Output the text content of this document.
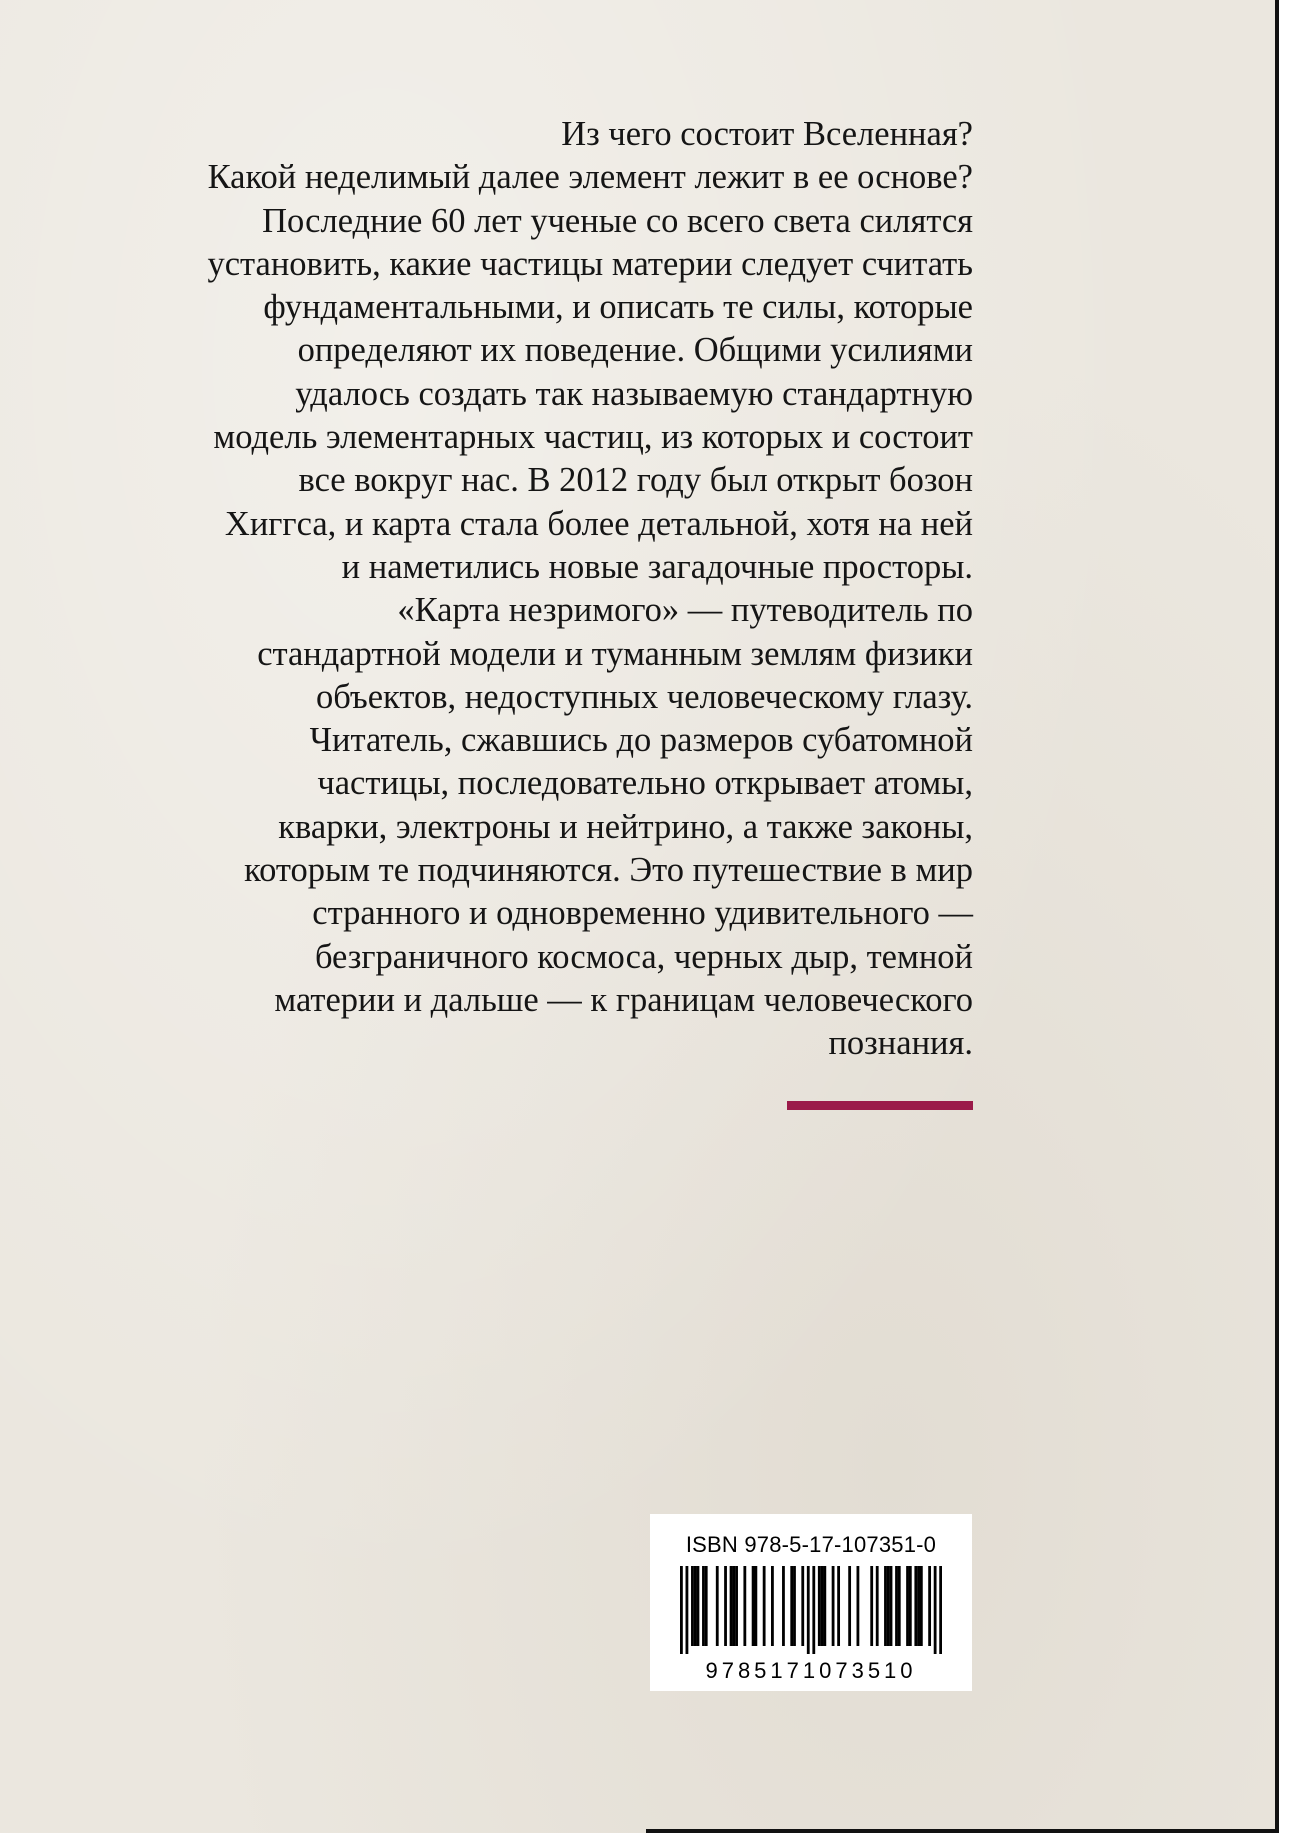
Из чего состоит Вселенная?
Какой неделимый далее элемент лежит в ее основе?
Последние 60 лет ученые со всего света силятся
установить, какие частицы материи следует считать
фундаментальными, и описать те силы, которые
определяют их поведение. Общими усилиями
удалось создать так называемую стандартную
модель элементарных частиц, из которых и состоит
все вокруг нас. В 2012 году был открыт бозон
Хиггса, и карта стала более детальной, хотя на ней
и наметились новые загадочные просторы.
«Карта незримого» — путеводитель по
стандартной модели и туманным землям физики
объектов, недоступных человеческому глазу.
Читатель, сжавшись до размеров субатомной
частицы, последовательно открывает атомы,
кварки, электроны и нейтрино, а также законы,
которым те подчиняются. Это путешествие в мир
странного и одновременно удивительного —
безграничного космоса, черных дыр, темной
материи и дальше — к границам человеческого
познания.

ISBN 978-5-17-107351-0
9785171073510
